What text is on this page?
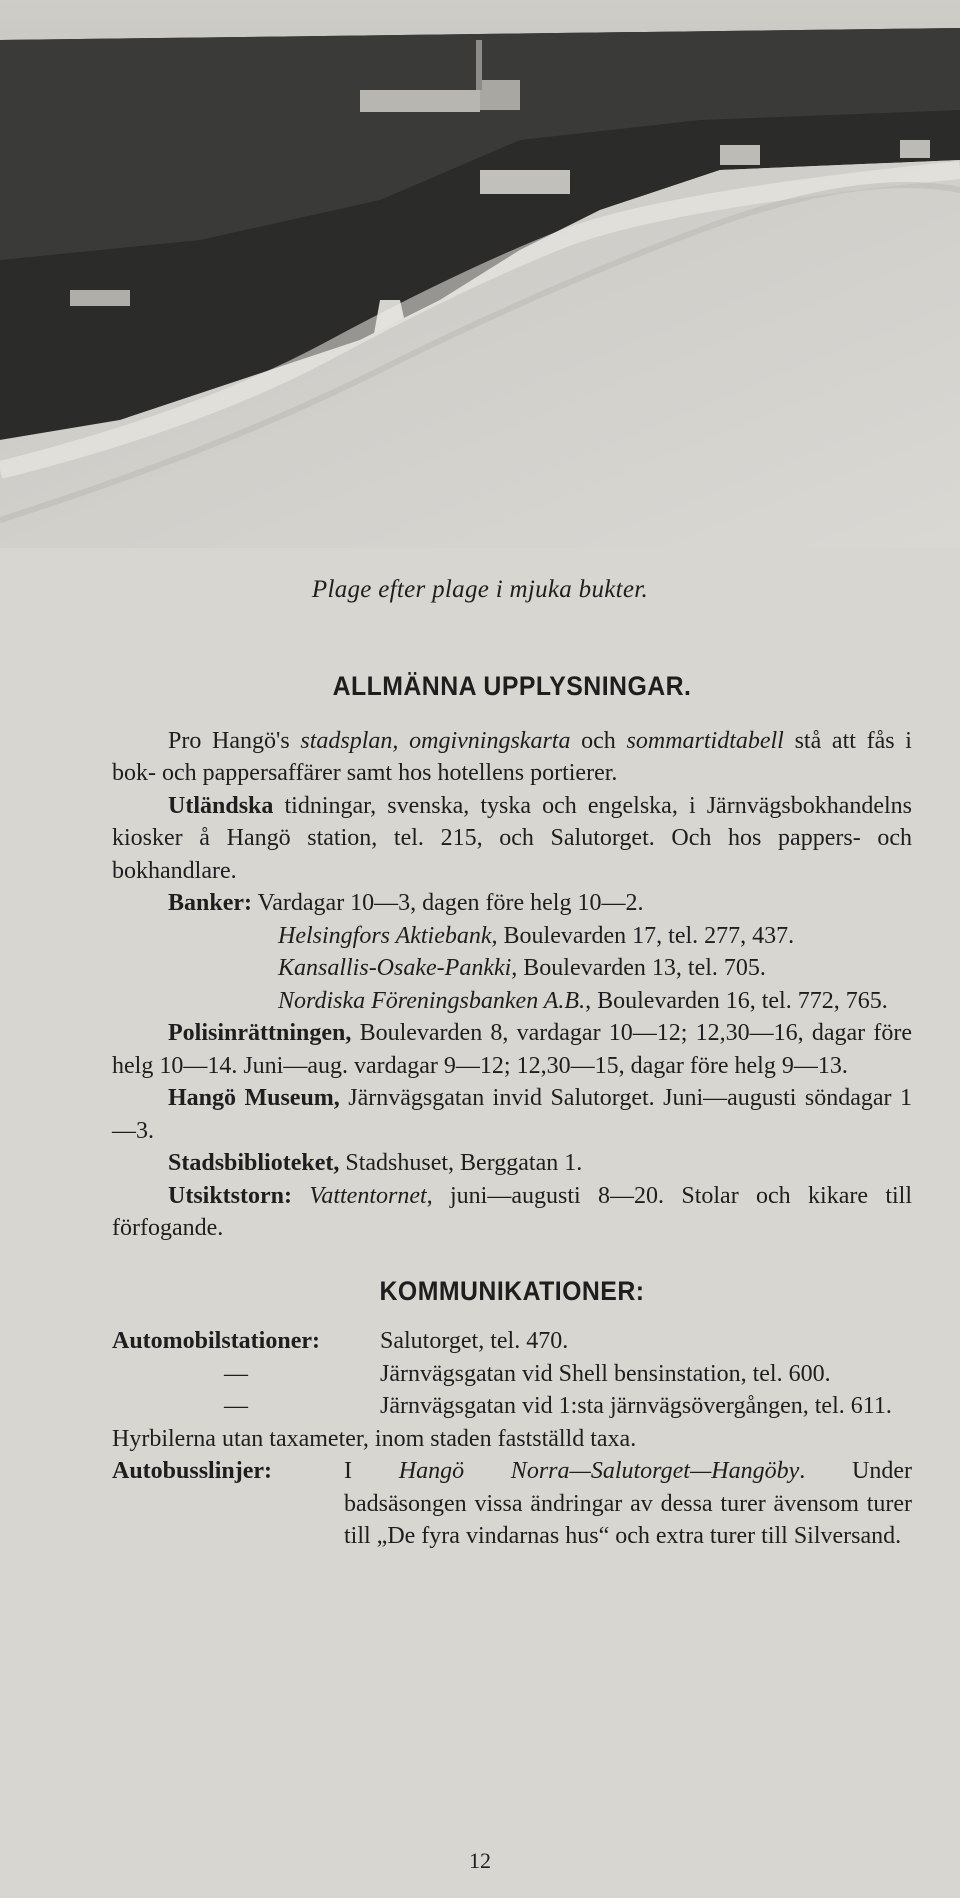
Plage efter plage i mjuka bukter.
ALLMÄNNA UPPLYSNINGAR.

Pro Hangö's stadsplan, omgivningskarta och sommartidtabell stå att fås i bok- och pappersaffärer samt hos hotellens portierer.

Utländska tidningar, svenska, tyska och engelska, i Järnvägsbokhandelns kiosker å Hangö station, tel. 215, och Salutorget. Och hos pappers- och bokhandlare.

Banker: Vardagar 10—3, dagen före helg 10—2.

Helsingfors Aktiebank, Boulevarden 17, tel. 277, 437.
Kansallis-Osake-Pankki, Boulevarden 13, tel. 705.
Nordiska Föreningsbanken A.B., Boulevarden 16, tel. 772, 765.

Polisinrättningen, Boulevarden 8, vardagar 10—12; 12,30—16, dagar före helg 10—14. Juni—aug. vardagar 9—12; 12,30—15, dagar före helg 9—13.

Hangö Museum, Järnvägsgatan invid Salutorget. Juni—augusti söndagar 1—3.

Stadsbiblioteket, Stadshuset, Berggatan 1.

Utsiktstorn: Vattentornet, juni—augusti 8—20. Stolar och kikare till förfogande.

KOMMUNIKATIONER:
Automobilstationer:	Salutorget, tel. 470.
—	Järnvägsgatan vid Shell bensinstation, tel. 600.
—	Järnvägsgatan vid 1:sta järnvägsövergången, tel. 611.

Hyrbilerna utan taxameter, inom staden fastställd taxa.

Autobusslinjer:	I Hangö Norra—Salutorget—Hangöby. Under badsäsongen vissa ändringar av dessa turer ävensom turer till „De fyra vindarnas hus“ och extra turer till Silversand.
12
